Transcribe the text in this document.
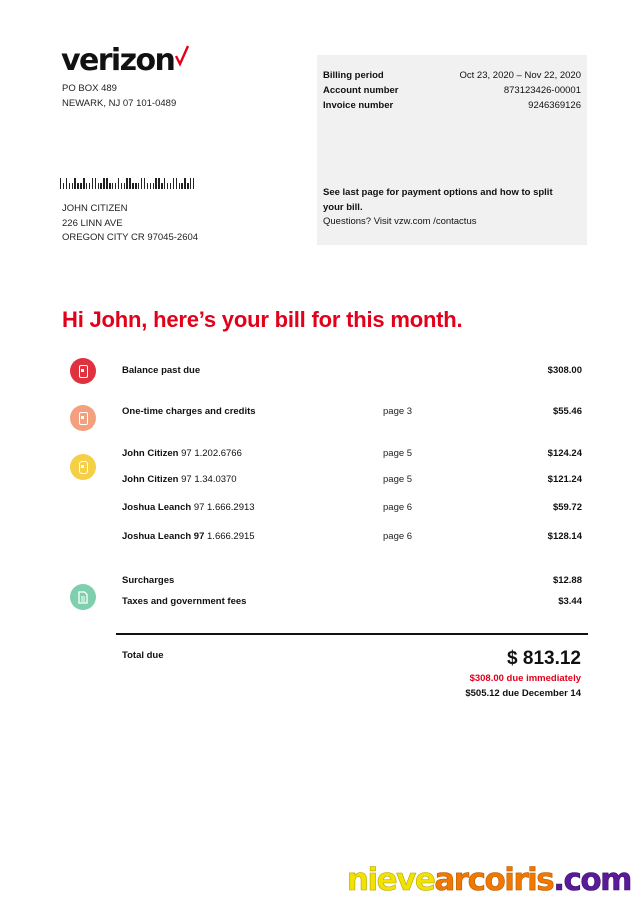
verizon
PO BOX 489
NEWARK, NJ 07 101-0489
JOHN CITIZEN
226 LINN AVE
OREGON CITY CR 97045-2604
Billing period	Oct 23, 2020 – Nov 22, 2020
Account number	873123426-00001
Invoice number	9246369126
See last page for payment options and how to split your bill.
Questions? Visit vzw.com /contactus
Hi John, here’s your bill for this month.
Balance past due	$308.00
One-time charges and credits	page 3	$55.46
John Citizen 97 1.202.6766	page 5	$124.24
John Citizen 97 1.34.0370	page 5	$121.24
Joshua Leanch 97 1.666.2913	page 6	$59.72
Joshua Leanch 97 1.666.2915	page 6	$128.14
Surcharges	$12.88
Taxes and government fees	$3.44
Total due	$ 813.12
$308.00 due immediately
$505.12 due December 14
nievearcoiris.com
